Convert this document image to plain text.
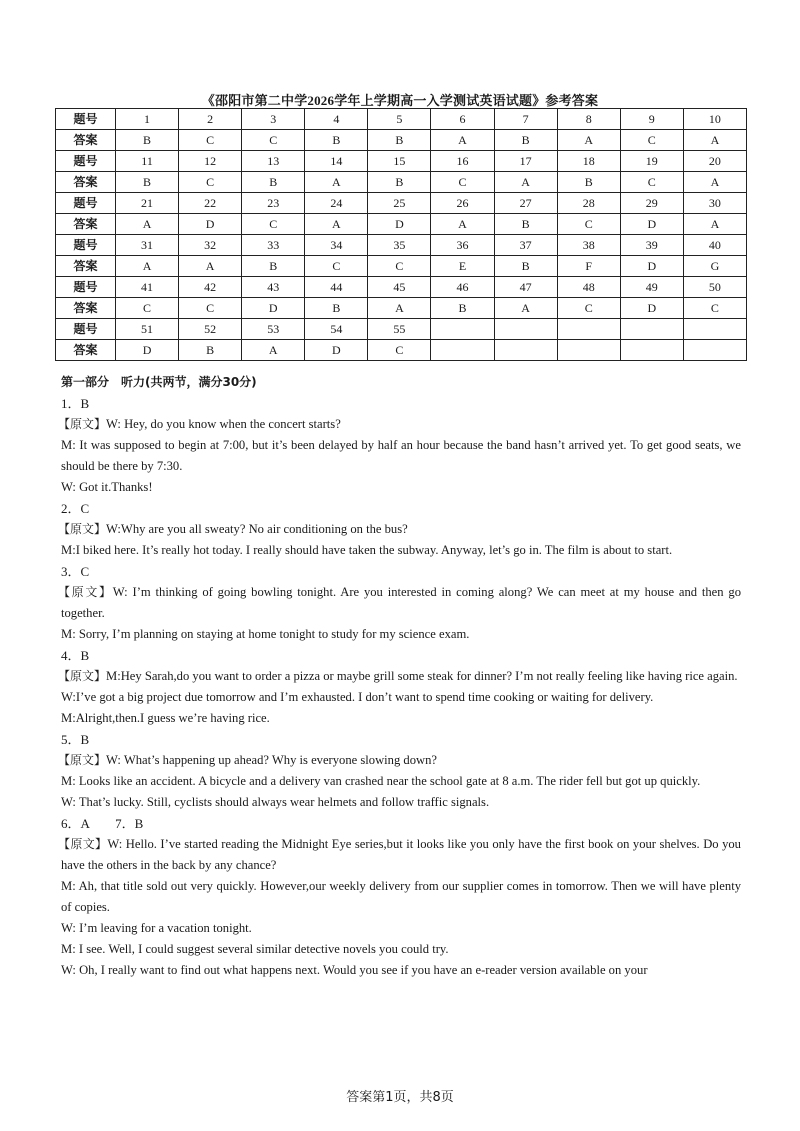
《邵阳市第二中学2026学年上学期高一入学测试英语试题》参考答案
题号	1	2	3	4	5	6	7	8	9	10
答案	B	C	C	B	B	A	B	A	C	A
题号	11	12	13	14	15	16	17	18	19	20
答案	B	C	B	A	B	C	A	B	C	A
题号	21	22	23	24	25	26	27	28	29	30
答案	A	D	C	A	D	A	B	C	D	A
题号	31	32	33	34	35	36	37	38	39	40
答案	A	A	B	C	C	E	B	F	D	G
题号	41	42	43	44	45	46	47	48	49	50
答案	C	C	D	B	A	B	A	C	D	C
题号	51	52	53	54	55					
答案	D	B	A	D	C					
第一部分　听力(共两节，满分30分)
1．B
【原文】W: Hey, do you know when the concert starts?
M: It was supposed to begin at 7:00, but it’s been delayed by half an hour because the band hasn’t arrived yet. To get good seats, we should be there by 7:30.
W: Got it.Thanks!
2．C
【原文】W:Why are you all sweaty? No air conditioning on the bus?
M:I biked here. It’s really hot today. I really should have taken the subway. Anyway, let’s go in. The film is about to start.
3．C
【原文】W: I’m thinking of going bowling tonight. Are you interested in coming along? We can meet at my house and then go together.
M: Sorry, I’m planning on staying at home tonight to study for my science exam.
4．B
【原文】M:Hey Sarah,do you want to order a pizza or maybe grill some steak for dinner? I’m not really feeling like having rice again.
W:I’ve got a big project due tomorrow and I’m exhausted. I don’t want to spend time cooking or waiting for delivery.
M:Alright,then.I guess we’re having rice.
5．B
【原文】W: What’s happening up ahead? Why is everyone slowing down?
M: Looks like an accident. A bicycle and a delivery van crashed near the school gate at 8 a.m. The rider fell but got up quickly.
W: That’s lucky. Still, cyclists should always wear helmets and follow traffic signals.
6．A　　7．B
【原文】W: Hello. I’ve started reading the Midnight Eye series,but it looks like you only have the first book on your shelves. Do you have the others in the back by any chance?
M: Ah, that title sold out very quickly. However,our weekly delivery from our supplier comes in tomorrow. Then we will have plenty of copies.
W: I’m leaving for a vacation tonight.
M: I see. Well, I could suggest several similar detective novels you could try.
W: Oh, I really want to find out what happens next. Would you see if you have an e-reader version available on your
答案第1页，共8页
